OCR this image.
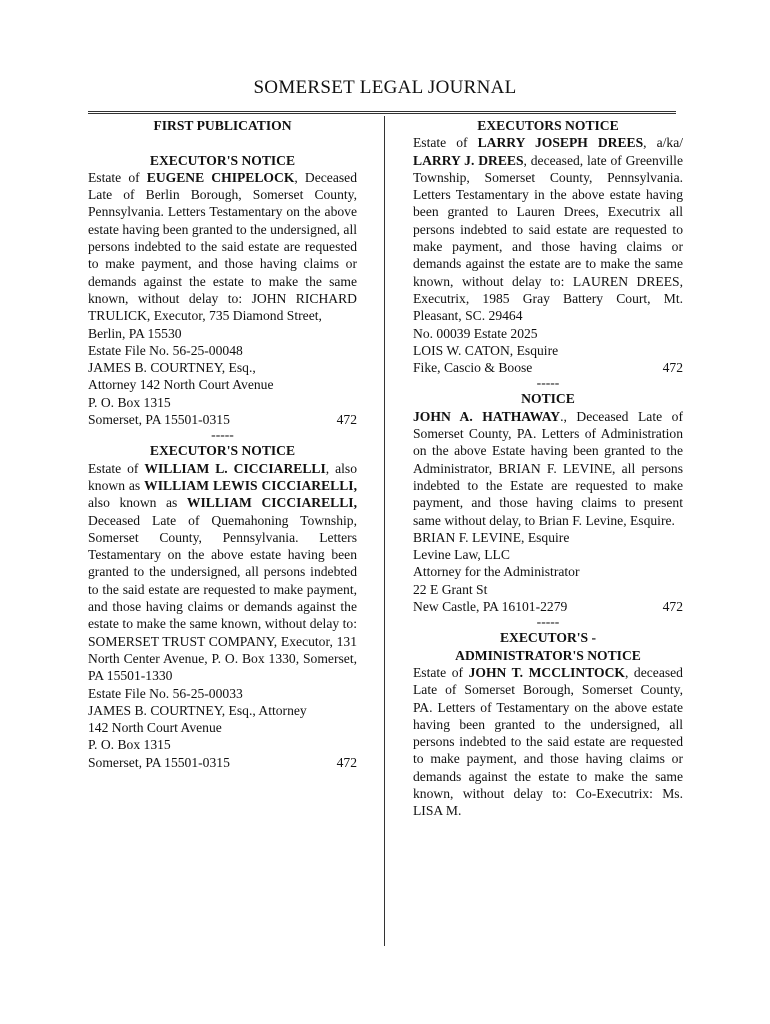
SOMERSET LEGAL JOURNAL

FIRST PUBLICATION

EXECUTOR'S NOTICE

Estate of EUGENE CHIPELOCK, Deceased Late of Berlin Borough, Somerset County, Pennsylvania. Letters Testamentary on the above estate having been granted to the undersigned, all persons indebted to the said estate are requested to make payment, and those having claims or demands against the estate to make the same known, without delay to: JOHN RICHARD TRULICK, Executor, 735 Diamond Street,

Berlin, PA 15530

Estate File No. 56-25-00048

JAMES B. COURTNEY, Esq.,

Attorney 142 North Court Avenue

P. O. Box 1315

Somerset, PA 15501-0315	472

-----

EXECUTOR'S NOTICE

Estate of WILLIAM L. CICCIARELLI, also known as WILLIAM LEWIS CICCIARELLI, also known as WILLIAM CICCIARELLI, Deceased Late of Quemahoning Township, Somerset County, Pennsylvania. Letters Testamentary on the above estate having been granted to the undersigned, all persons indebted to the said estate are requested to make payment, and those having claims or demands against the estate to make the same known, without delay to: SOMERSET TRUST COMPANY, Executor, 131 North Center Avenue, P. O. Box 1330, Somerset, PA 15501-1330

Estate File No. 56-25-00033

JAMES B. COURTNEY, Esq., Attorney

142 North Court Avenue

P. O. Box 1315

Somerset, PA 15501-0315	472

EXECUTORS NOTICE

Estate of LARRY JOSEPH DREES, a/ka/ LARRY J. DREES, deceased, late of Greenville Township, Somerset County, Pennsylvania. Letters Testamentary in the above estate having been granted to Lauren Drees, Executrix all persons indebted to said estate are requested to make payment, and those having claims or demands against the estate are to make the same known, without delay to: LAUREN DREES, Executrix, 1985 Gray Battery Court, Mt. Pleasant, SC. 29464

No. 00039 Estate 2025

LOIS W. CATON, Esquire

Fike, Cascio & Boose	472

-----

NOTICE

JOHN A. HATHAWAY., Deceased Late of Somerset County, PA. Letters of Administration on the above Estate having been granted to the Administrator, BRIAN F. LEVINE, all persons indebted to the Estate are requested to make payment, and those having claims to present same without delay, to Brian F. Levine, Esquire.

BRIAN F. LEVINE, Esquire

Levine Law, LLC

Attorney for the Administrator

22 E Grant St

New Castle, PA 16101-2279	472

-----

EXECUTOR'S -

ADMINISTRATOR'S NOTICE

Estate of JOHN T. MCCLINTOCK, deceased Late of Somerset Borough, Somerset County, PA. Letters of Testamentary on the above estate having been granted to the undersigned, all persons indebted to the said estate are requested to make payment, and those having claims or demands against the estate to make the same known, without delay to: Co-Executrix: Ms. LISA M.
